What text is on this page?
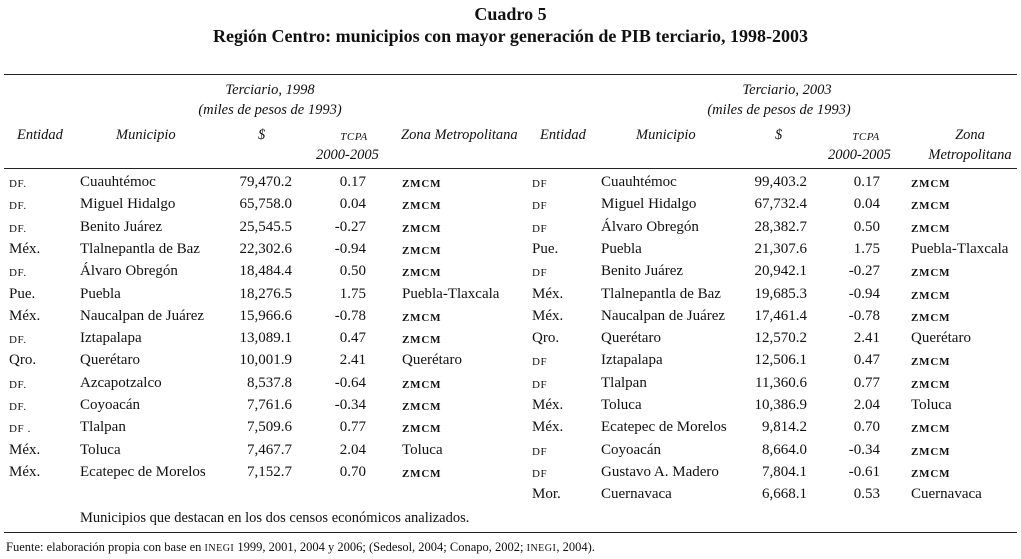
Cuadro 5
Región Centro: municipios con mayor generación de PIB terciario, 1998-2003
Terciario, 1998
(miles de pesos de 1993)
Entidad	Municipio	$	TCPA
2000-2005
Zona Metropolitana
Terciario, 2003
(miles de pesos de 1993)
Entidad	Municipio	$	TCPA
2000-2005
Zona
Metropolitana
DF.	Cuauhtémoc	79,470.2	0.17	ZMCM
DF.	Miguel Hidalgo	65,758.0	0.04	ZMCM
DF.	Benito Juárez	25,545.5	-0.27	ZMCM
Méx.	Tlalnepantla de Baz	22,302.6	-0.94	ZMCM
DF.	Álvaro Obregón	18,484.4	0.50	ZMCM
Pue.	Puebla	18,276.5	1.75 Puebla-Tlaxcala
Méx.	Naucalpan de Juárez	15,966.6	-0.78	ZMCM
DF.	Iztapalapa	13,089.1	0.47	ZMCM
Qro.	Querétaro	10,001.9	2.41 Querétaro
DF.	Azcapotzalco	8,537.8	-0.64	ZMCM
DF.	Coyoacán	7,761.6	-0.34	ZMCM
DF .	Tlalpan	7,509.6	0.77	ZMCM
Méx.	Toluca	7,467.7	2.04 Toluca
Méx.	Ecatepec de Morelos	7,152.7	0.70	ZMCM
DF	Cuauhtémoc	99,403.2	0.17	ZMCM
DF	Miguel Hidalgo	67,732.4	0.04	ZMCM
DF	Álvaro Obregón	28,382.7	0.50	ZMCM
Pue.	Puebla	21,307.6	1.75 Puebla-Tlaxcala
DF	Benito Juárez	20,942.1	-0.27	ZMCM
Méx.	Tlalnepantla de Baz	19,685.3	-0.94	ZMCM
Méx.	Naucalpan de Juárez	17,461.4	-0.78	ZMCM
Qro.	Querétaro	12,570.2	2.41 Querétaro
DF	Iztapalapa	12,506.1	0.47	ZMCM
DF	Tlalpan	11,360.6	0.77	ZMCM
Méx.	Toluca	10,386.9	2.04 Toluca
Méx.	Ecatepec de Morelos	9,814.2	0.70	ZMCM
DF	Coyoacán	8,664.0	-0.34	ZMCM
DF	Gustavo A. Madero	7,804.1	-0.61	ZMCM
Mor.	Cuernavaca	6,668.1	0.53 Cuernavaca
Municipios que destacan en los dos censos económicos analizados.
Fuente: elaboración propia con base en INEGI 1999, 2001, 2004 y 2006; (Sedesol, 2004; Conapo, 2002; INEGI, 2004).
